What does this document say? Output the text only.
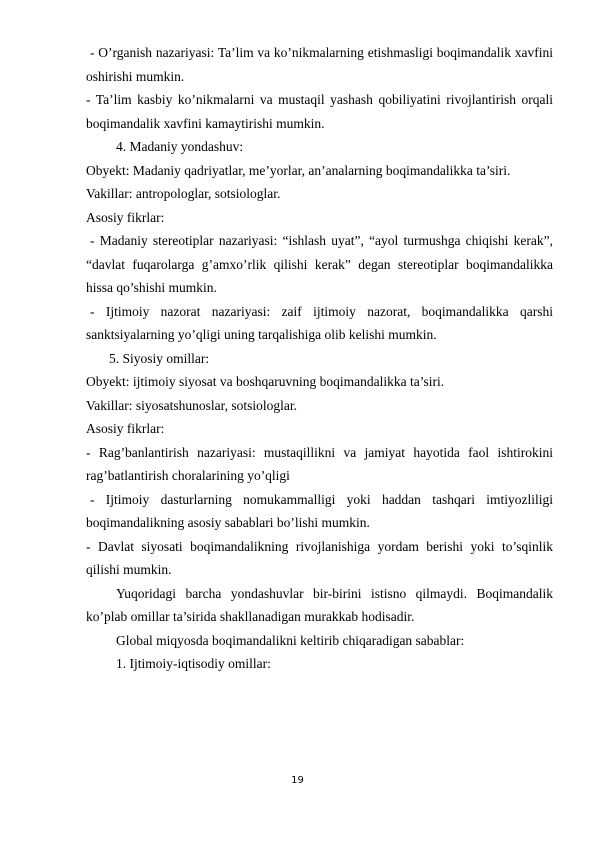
- O’rganish nazariyasi: Ta’lim va ko’nikmalarning etishmasligi boqimandalik xavfini oshirishi mumkin.

- Ta’lim kasbiy ko’nikmalarni va mustaqil yashash qobiliyatini rivojlantirish orqali boqimandalik xavfini kamaytirishi mumkin.

4. Madaniy yondashuv:

Obyekt: Madaniy qadriyatlar, me’yorlar, an’analarning boqimandalikka ta’siri.

Vakillar: antropologlar, sotsiologlar.

Asosiy fikrlar:

- Madaniy stereotiplar nazariyasi: “ishlash uyat”, “ayol turmushga chiqishi kerak”, “davlat fuqarolarga g’amxo’rlik qilishi kerak” degan stereotiplar boqimandalikka hissa qo’shishi mumkin.

- Ijtimoiy nazorat nazariyasi: zaif ijtimoiy nazorat, boqimandalikka qarshi sanktsiyalarning yo’qligi uning tarqalishiga olib kelishi mumkin.

5. Siyosiy omillar:

Obyekt: ijtimoiy siyosat va boshqaruvning boqimandalikka ta’siri.

Vakillar: siyosatshunoslar, sotsiologlar.

Asosiy fikrlar:

- Rag’banlantirish nazariyasi: mustaqillikni va jamiyat hayotida faol ishtirokini rag’batlantirish choralarining yo’qligi

- Ijtimoiy dasturlarning nomukammalligi yoki haddan tashqari imtiyozliligi boqimandalikning asosiy sabablari bo’lishi mumkin.

- Davlat siyosati boqimandalikning rivojlanishiga yordam berishi yoki to’sqinlik qilishi mumkin.

Yuqoridagi barcha yondashuvlar bir-birini istisno qilmaydi. Boqimandalik ko’plab omillar ta’sirida shakllanadigan murakkab hodisadir.

Global miqyosda boqimandalikni keltirib chiqaradigan sabablar:

1. Ijtimoiy-iqtisodiy omillar:

19
